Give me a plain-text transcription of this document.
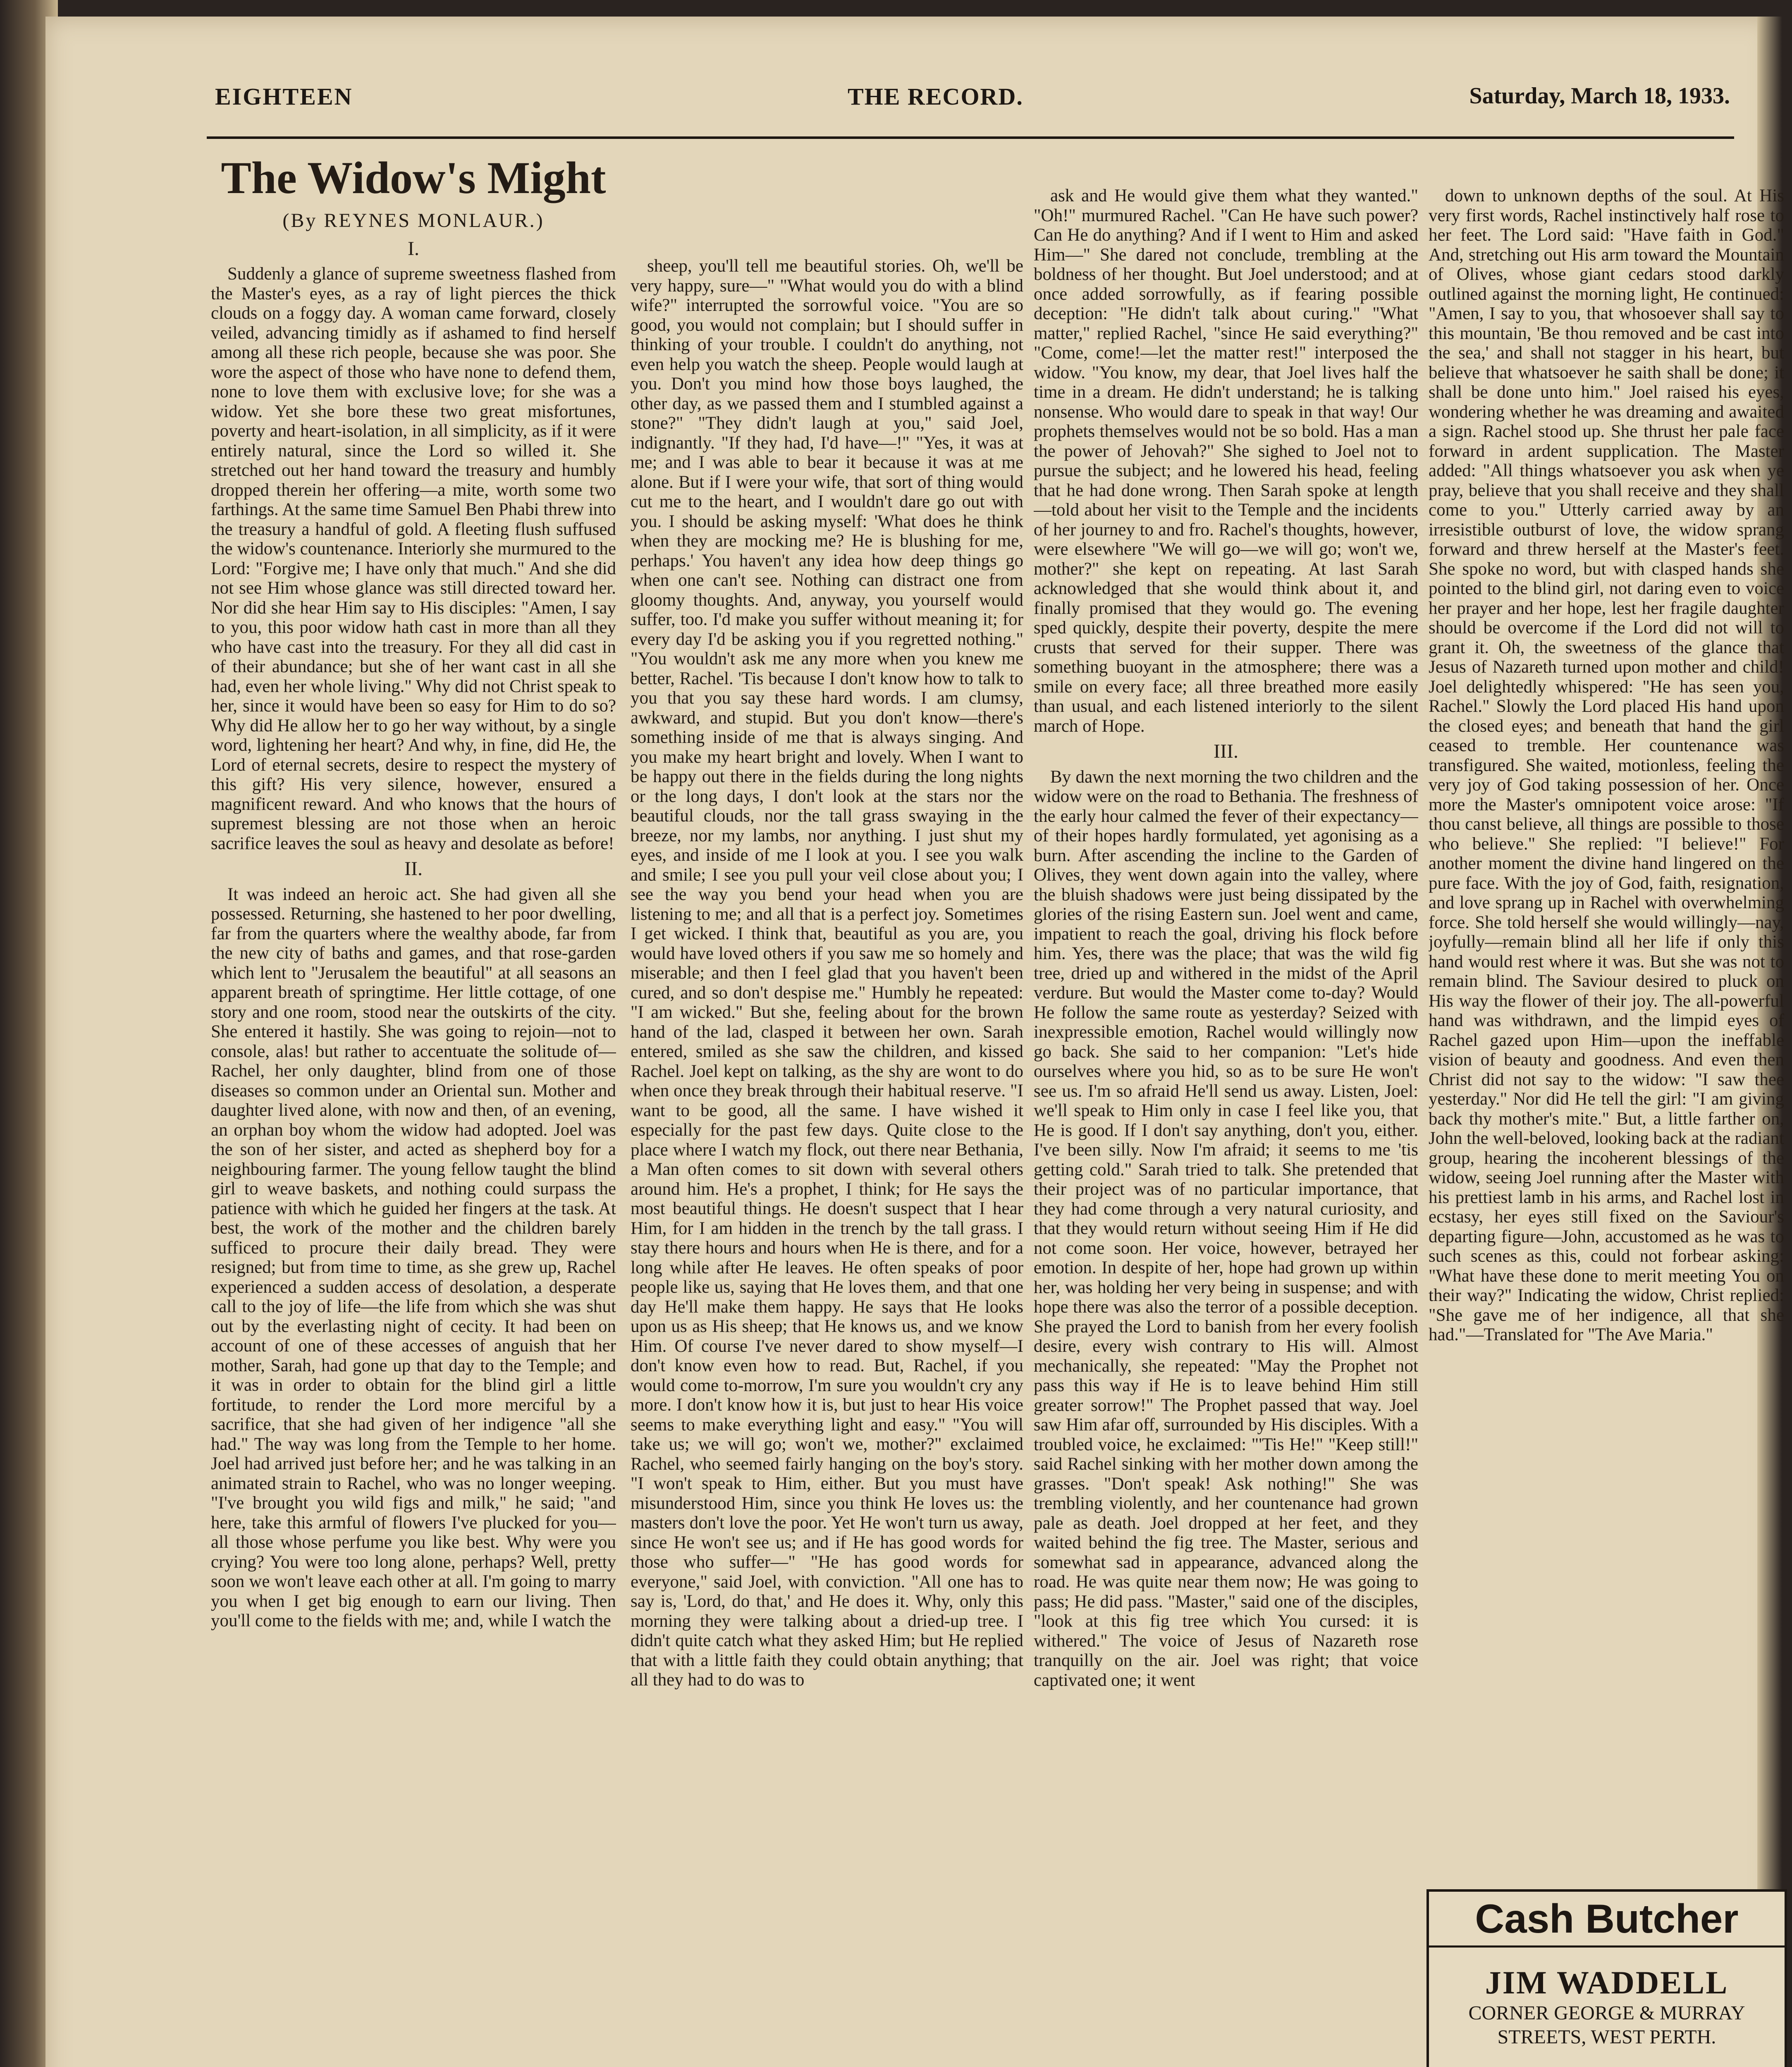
EIGHTEEN	THE RECORD.	Saturday, March 18, 1933.
The Widow's Might
(By REYNES MONLAUR.)
I.

Suddenly a glance of supreme sweetness flashed from the Master's eyes, as a ray of light pierces the thick clouds on a foggy day. A woman came forward, closely veiled, advancing timidly as if ashamed to find herself among all these rich people, because she was poor. She wore the aspect of those who have none to defend them, none to love them with exclusive love; for she was a widow. Yet she bore these two great misfortunes, poverty and heart-isolation, in all simplicity, as if it were entirely natural, since the Lord so willed it. She stretched out her hand toward the treasury and humbly dropped therein her offering—a mite, worth some two farthings. At the same time Samuel Ben Phabi threw into the treasury a handful of gold. A fleeting flush suffused the widow's countenance. Interiorly she murmured to the Lord: "Forgive me; I have only that much." And she did not see Him whose glance was still directed toward her. Nor did she hear Him say to His disciples: "Amen, I say to you, this poor widow hath cast in more than all they who have cast into the treasury. For they all did cast in of their abundance; but she of her want cast in all she had, even her whole living." Why did not Christ speak to her, since it would have been so easy for Him to do so? Why did He allow her to go her way without, by a single word, lightening her heart? And why, in fine, did He, the Lord of eternal secrets, desire to respect the mystery of this gift? His very silence, however, ensured a magnificent reward. And who knows that the hours of supremest blessing are not those when an heroic sacrifice leaves the soul as heavy and desolate as before!

II.

It was indeed an heroic act. She had given all she possessed. Returning, she hastened to her poor dwelling, far from the quarters where the wealthy abode, far from the new city of baths and games, and that rose-garden which lent to "Jerusalem the beautiful" at all seasons an apparent breath of springtime. Her little cottage, of one story and one room, stood near the outskirts of the city. She entered it hastily. She was going to rejoin—not to console, alas! but rather to accentuate the solitude of—Rachel, her only daughter, blind from one of those diseases so common under an Oriental sun. Mother and daughter lived alone, with now and then, of an evening, an orphan boy whom the widow had adopted. Joel was the son of her sister, and acted as shepherd boy for a neighbouring farmer. The young fellow taught the blind girl to weave baskets, and nothing could surpass the patience with which he guided her fingers at the task. At best, the work of the mother and the children barely sufficed to procure their daily bread. They were resigned; but from time to time, as she grew up, Rachel experienced a sudden access of desolation, a desperate call to the joy of life—the life from which she was shut out by the everlasting night of cecity. It had been on account of one of these accesses of anguish that her mother, Sarah, had gone up that day to the Temple; and it was in order to obtain for the blind girl a little fortitude, to render the Lord more merciful by a sacrifice, that she had given of her indigence "all she had." The way was long from the Temple to her home. Joel had arrived just before her; and he was talking in an animated strain to Rachel, who was no longer weeping. "I've brought you wild figs and milk," he said; "and here, take this armful of flowers I've plucked for you—all those whose perfume you like best. Why were you crying? You were too long alone, perhaps? Well, pretty soon we won't leave each other at all. I'm going to marry you when I get big enough to earn our living. Then you'll come to the fields with me; and, while I watch the

sheep, you'll tell me beautiful stories. Oh, we'll be very happy, sure—" "What would you do with a blind wife?" interrupted the sorrowful voice. "You are so good, you would not complain; but I should suffer in thinking of your trouble. I couldn't do anything, not even help you watch the sheep. People would laugh at you. Don't you mind how those boys laughed, the other day, as we passed them and I stumbled against a stone?" "They didn't laugh at you," said Joel, indignantly. "If they had, I'd have—!" "Yes, it was at me; and I was able to bear it because it was at me alone. But if I were your wife, that sort of thing would cut me to the heart, and I wouldn't dare go out with you. I should be asking myself: 'What does he think when they are mocking me? He is blushing for me, perhaps.' You haven't any idea how deep things go when one can't see. Nothing can distract one from gloomy thoughts. And, anyway, you yourself would suffer, too. I'd make you suffer without meaning it; for every day I'd be asking you if you regretted nothing." "You wouldn't ask me any more when you knew me better, Rachel. 'Tis because I don't know how to talk to you that you say these hard words. I am clumsy, awkward, and stupid. But you don't know—there's something inside of me that is always singing. And you make my heart bright and lovely. When I want to be happy out there in the fields during the long nights or the long days, I don't look at the stars nor the beautiful clouds, nor the tall grass swaying in the breeze, nor my lambs, nor anything. I just shut my eyes, and inside of me I look at you. I see you walk and smile; I see you pull your veil close about you; I see the way you bend your head when you are listening to me; and all that is a perfect joy. Sometimes I get wicked. I think that, beautiful as you are, you would have loved others if you saw me so homely and miserable; and then I feel glad that you haven't been cured, and so don't despise me." Humbly he repeated: "I am wicked." But she, feeling about for the brown hand of the lad, clasped it between her own. Sarah entered, smiled as she saw the children, and kissed Rachel. Joel kept on talking, as the shy are wont to do when once they break through their habitual reserve. "I want to be good, all the same. I have wished it especially for the past few days. Quite close to the place where I watch my flock, out there near Bethania, a Man often comes to sit down with several others around him. He's a prophet, I think; for He says the most beautiful things. He doesn't suspect that I hear Him, for I am hidden in the trench by the tall grass. I stay there hours and hours when He is there, and for a long while after He leaves. He often speaks of poor people like us, saying that He loves them, and that one day He'll make them happy. He says that He looks upon us as His sheep; that He knows us, and we know Him. Of course I've never dared to show myself—I don't know even how to read. But, Rachel, if you would come to-morrow, I'm sure you wouldn't cry any more. I don't know how it is, but just to hear His voice seems to make everything light and easy." "You will take us; we will go; won't we, mother?" exclaimed Rachel, who seemed fairly hanging on the boy's story. "I won't speak to Him, either. But you must have misunderstood Him, since you think He loves us: the masters don't love the poor. Yet He won't turn us away, since He won't see us; and if He has good words for those who suffer—" "He has good words for everyone," said Joel, with conviction. "All one has to say is, 'Lord, do that,' and He does it. Why, only this morning they were talking about a dried-up tree. I didn't quite catch what they asked Him; but He replied that with a little faith they could obtain anything; that all they had to do was to

ask and He would give them what they wanted." "Oh!" murmured Rachel. "Can He have such power? Can He do anything? And if I went to Him and asked Him—" She dared not conclude, trembling at the boldness of her thought. But Joel understood; and at once added sorrowfully, as if fearing possible deception: "He didn't talk about curing." "What matter," replied Rachel, "since He said everything?" "Come, come!—let the matter rest!" interposed the widow. "You know, my dear, that Joel lives half the time in a dream. He didn't understand; he is talking nonsense. Who would dare to speak in that way! Our prophets themselves would not be so bold. Has a man the power of Jehovah?" She sighed to Joel not to pursue the subject; and he lowered his head, feeling that he had done wrong. Then Sarah spoke at length—told about her visit to the Temple and the incidents of her journey to and fro. Rachel's thoughts, however, were elsewhere "We will go—we will go; won't we, mother?" she kept on repeating. At last Sarah acknowledged that she would think about it, and finally promised that they would go. The evening sped quickly, despite their poverty, despite the mere crusts that served for their supper. There was something buoyant in the atmosphere; there was a smile on every face; all three breathed more easily than usual, and each listened interiorly to the silent march of Hope.

III.

By dawn the next morning the two children and the widow were on the road to Bethania. The freshness of the early hour calmed the fever of their expectancy—of their hopes hardly formulated, yet agonising as a burn. After ascending the incline to the Garden of Olives, they went down again into the valley, where the bluish shadows were just being dissipated by the glories of the rising Eastern sun. Joel went and came, impatient to reach the goal, driving his flock before him. Yes, there was the place; that was the wild fig tree, dried up and withered in the midst of the April verdure. But would the Master come to-day? Would He follow the same route as yesterday? Seized with inexpressible emotion, Rachel would willingly now go back. She said to her companion: "Let's hide ourselves where you hid, so as to be sure He won't see us. I'm so afraid He'll send us away. Listen, Joel: we'll speak to Him only in case I feel like you, that He is good. If I don't say anything, don't you, either. I've been silly. Now I'm afraid; it seems to me 'tis getting cold." Sarah tried to talk. She pretended that their project was of no particular importance, that they had come through a very natural curiosity, and that they would return without seeing Him if He did not come soon. Her voice, however, betrayed her emotion. In despite of her, hope had grown up within her, was holding her very being in suspense; and with hope there was also the terror of a possible deception. She prayed the Lord to banish from her every foolish desire, every wish contrary to His will. Almost mechanically, she repeated: "May the Prophet not pass this way if He is to leave behind Him still greater sorrow!" The Prophet passed that way. Joel saw Him afar off, surrounded by His disciples. With a troubled voice, he exclaimed: "'Tis He!" "Keep still!" said Rachel sinking with her mother down among the grasses. "Don't speak! Ask nothing!" She was trembling violently, and her countenance had grown pale as death. Joel dropped at her feet, and they waited behind the fig tree. The Master, serious and somewhat sad in appearance, advanced along the road. He was quite near them now; He was going to pass; He did pass. "Master," said one of the disciples, "look at this fig tree which You cursed: it is withered." The voice of Jesus of Nazareth rose tranquilly on the air. Joel was right; that voice captivated one; it went

down to unknown depths of the soul. At His very first words, Rachel instinctively half rose to her feet. The Lord said: "Have faith in God." And, stretching out His arm toward the Mountain of Olives, whose giant cedars stood darkly outlined against the morning light, He continued: "Amen, I say to you, that whosoever shall say to this mountain, 'Be thou removed and be cast into the sea,' and shall not stagger in his heart, but believe that whatsoever he saith shall be done; it shall be done unto him." Joel raised his eyes, wondering whether he was dreaming and awaited a sign. Rachel stood up. She thrust her pale face forward in ardent supplication. The Master added: "All things whatsoever you ask when ye pray, believe that you shall receive and they shall come to you." Utterly carried away by an irresistible outburst of love, the widow sprang forward and threw herself at the Master's feet. She spoke no word, but with clasped hands she pointed to the blind girl, not daring even to voice her prayer and her hope, lest her fragile daughter should be overcome if the Lord did not will to grant it. Oh, the sweetness of the glance that Jesus of Nazareth turned upon mother and child! Joel delightedly whispered: "He has seen you, Rachel." Slowly the Lord placed His hand upon the closed eyes; and beneath that hand the girl ceased to tremble. Her countenance was transfigured. She waited, motionless, feeling the very joy of God taking possession of her. Once more the Master's omnipotent voice arose: "If thou canst believe, all things are possible to those who believe." She replied: "I believe!" For another moment the divine hand lingered on the pure face. With the joy of God, faith, resignation, and love sprang up in Rachel with overwhelming force. She told herself she would willingly—nay, joyfully—remain blind all her life if only this hand would rest where it was. But she was not to remain blind. The Saviour desired to pluck on His way the flower of their joy. The all-powerful hand was withdrawn, and the limpid eyes of Rachel gazed upon Him—upon the ineffable vision of beauty and goodness. And even then Christ did not say to the widow: "I saw thee yesterday." Nor did He tell the girl: "I am giving back thy mother's mite." But, a little farther on, John the well-beloved, looking back at the radiant group, hearing the incoherent blessings of the widow, seeing Joel running after the Master with his prettiest lamb in his arms, and Rachel lost in ecstasy, her eyes still fixed on the Saviour's departing figure—John, accustomed as he was to such scenes as this, could not forbear asking: "What have these done to merit meeting You on their way?" Indicating the widow, Christ replied: "She gave me of her indigence, all that she had."—Translated for "The Ave Maria."

Cash Butcher
JIM WADDELL
CORNER GEORGE & MURRAY
STREETS, WEST PERTH.
